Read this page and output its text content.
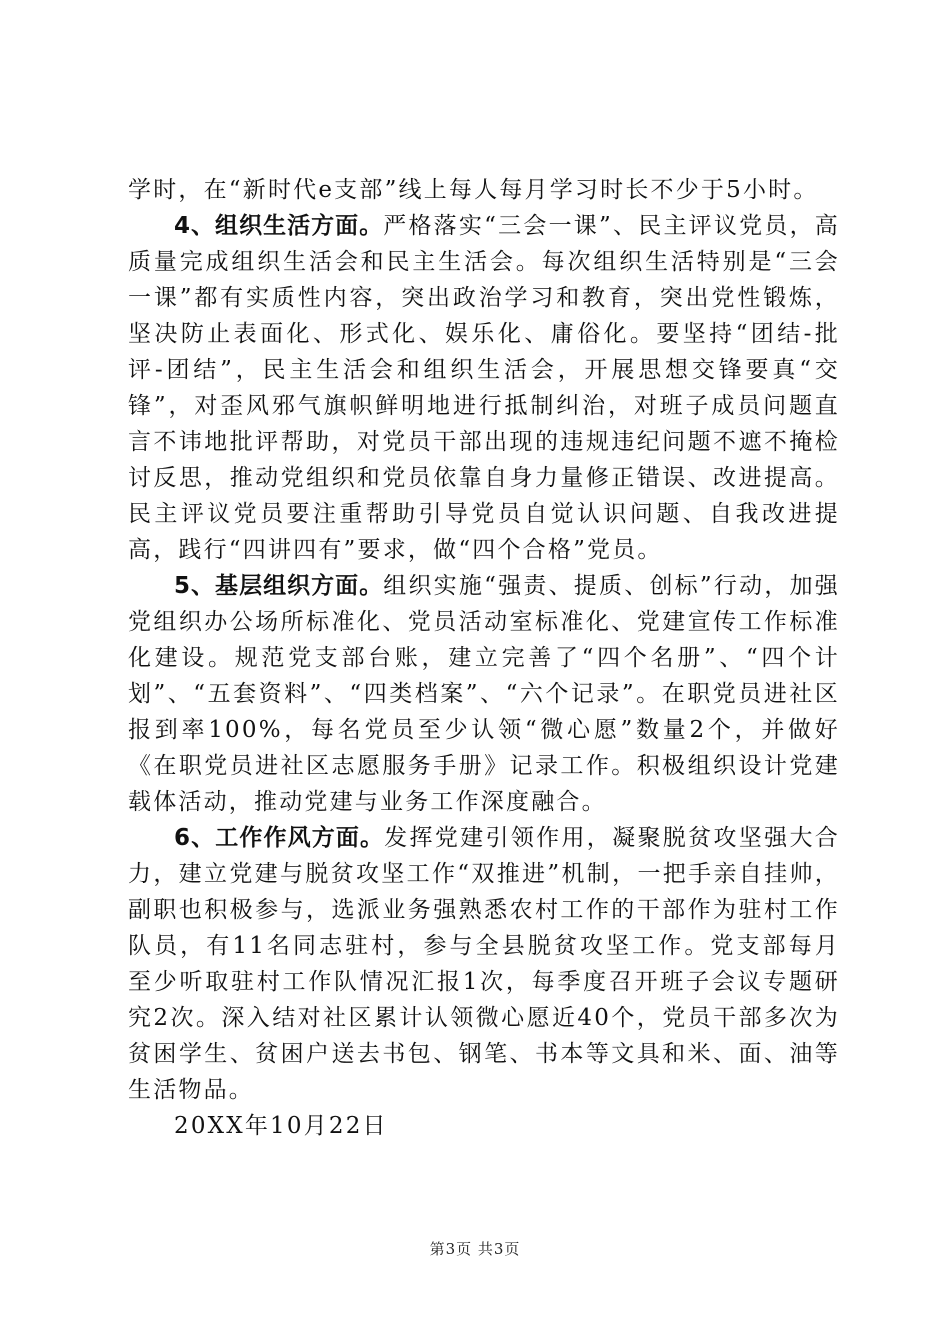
学时，在“新时代e支部”线上每人每月学习时长不少于5小时。

4、组织生活方面。严格落实“三会一课”、民主评议党员，高质量完成组织生活会和民主生活会。每次组织生活特别是“三会一课”都有实质性内容，突出政治学习和教育，突出党性锻炼，坚决防止表面化、形式化、娱乐化、庸俗化。要坚持“团结-批评-团结”，民主生活会和组织生活会，开展思想交锋要真“交锋”，对歪风邪气旗帜鲜明地进行抵制纠治，对班子成员问题直言不讳地批评帮助，对党员干部出现的违规违纪问题不遮不掩检讨反思，推动党组织和党员依靠自身力量修正错误、改进提高。民主评议党员要注重帮助引导党员自觉认识问题、自我改进提高，践行“四讲四有”要求，做“四个合格”党员。

5、基层组织方面。组织实施“强责、提质、创标”行动，加强党组织办公场所标准化、党员活动室标准化、党建宣传工作标准化建设。规范党支部台账，建立完善了“四个名册”、“四个计划”、“五套资料”、“四类档案”、“六个记录”。在职党员进社区报到率100%，每名党员至少认领“微心愿”数量2个，并做好《在职党员进社区志愿服务手册》记录工作。积极组织设计党建载体活动，推动党建与业务工作深度融合。

6、工作作风方面。发挥党建引领作用，凝聚脱贫攻坚强大合力，建立党建与脱贫攻坚工作“双推进”机制，一把手亲自挂帅，副职也积极参与，选派业务强熟悉农村工作的干部作为驻村工作队员，有11名同志驻村，参与全县脱贫攻坚工作。党支部每月至少听取驻村工作队情况汇报1次，每季度召开班子会议专题研究2次。深入结对社区累计认领微心愿近40个，党员干部多次为贫困学生、贫困户送去书包、钢笔、书本等文具和米、面、油等生活物品。

20XX年10月22日

第3页 共3页
